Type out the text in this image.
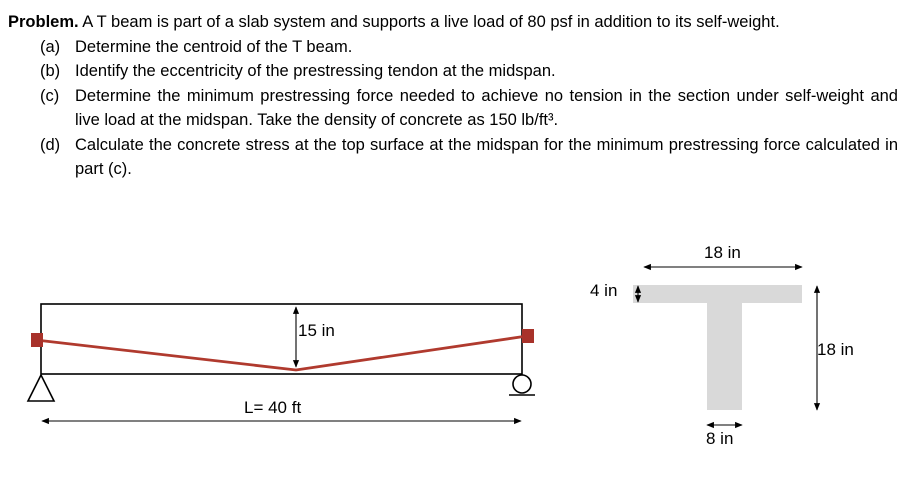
Problem. A T beam is part of a slab system and supports a live load of 80 psf in addition to its self-weight.

(a) Determine the centroid of the T beam.
(b) Identify the eccentricity of the prestressing tendon at the midspan.
(c) Determine the minimum prestressing force needed to achieve no tension in the section under self-weight and live load at the midspan. Take the density of concrete as 150 lb/ft³.
(d) Calculate the concrete stress at the top surface at the midspan for the minimum prestressing force calculated in part (c).
15 in
L= 40 ft
18 in
4 in
18 in
8 in
